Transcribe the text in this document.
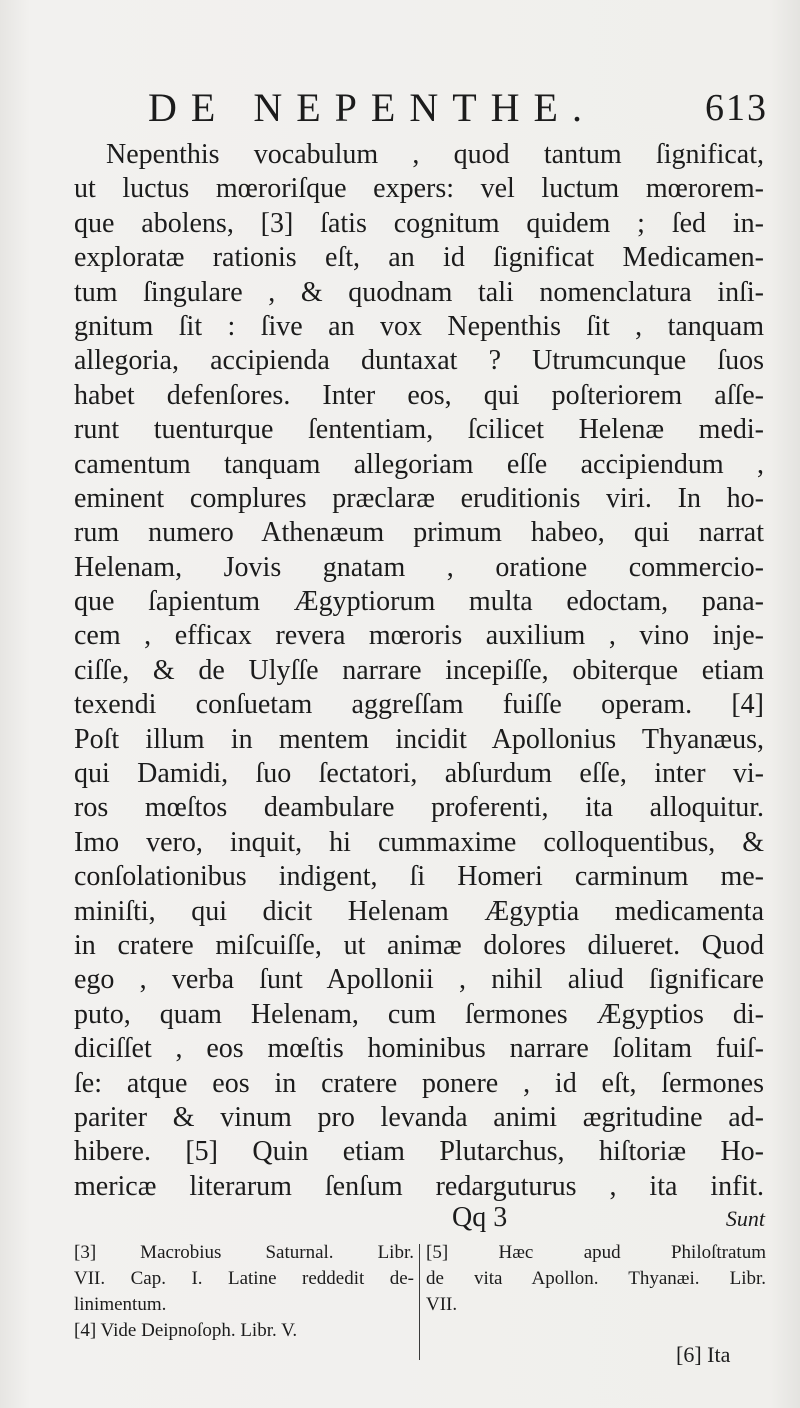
DE NEPENTHE.	613
Nepenthis vocabulum , quod tantum ſignificat,
ut luctus mœroriſque expers: vel luctum mœrorem-
que abolens, [3] ſatis cognitum quidem ; ſed in-
exploratæ rationis eſt, an id ſignificat Medicamen-
tum ſingulare , & quodnam tali nomenclatura inſi-
gnitum ſit : ſive an vox Nepenthis ſit , tanquam
allegoria, accipienda duntaxat ? Utrumcunque ſuos
habet defenſores. Inter eos, qui poſteriorem aſſe-
runt tuenturque ſententiam, ſcilicet Helenæ medi-
camentum tanquam allegoriam eſſe accipiendum ,
eminent complures præclaræ eruditionis viri. In ho-
rum numero Athenæum primum habeo, qui narrat
Helenam, Jovis gnatam , oratione commercio-
que ſapientum Ægyptiorum multa edoctam, pana-
cem , efficax revera mœroris auxilium , vino inje-
ciſſe, & de Ulyſſe narrare incepiſſe, obiterque etiam
texendi conſuetam aggreſſam fuiſſe operam. [4]
Poſt illum in mentem incidit Apollonius Thyanæus,
qui Damidi, ſuo ſectatori, abſurdum eſſe, inter vi-
ros mœſtos deambulare proferenti, ita alloquitur.
Imo vero, inquit, hi cummaxime colloquentibus, &
conſolationibus indigent, ſi Homeri carminum me-
miniſti, qui dicit Helenam Ægyptia medicamenta
in cratere miſcuiſſe, ut animæ dolores dilueret. Quod
ego , verba ſunt Apollonii , nihil aliud ſignificare
puto, quam Helenam, cum ſermones Ægyptios di-
diciſſet , eos mœſtis hominibus narrare ſolitam fuiſ-
ſe: atque eos in cratere ponere , id eſt, ſermones
pariter & vinum pro levanda animi ægritudine ad-
hibere. [5] Quin etiam Plutarchus, hiſtoriæ Ho-
mericæ literarum ſenſum redarguturus , ita infit.
Qq 3	Sunt
[3] Macrobius Saturnal. Libr.
VII. Cap. I. Latine reddedit de-
linimentum.
[4] Vide Deipnoſoph. Libr. V.
[5] Hæc apud Philoſtratum
de vita Apollon. Thyanæi. Libr.
VII.
[6] Ita
